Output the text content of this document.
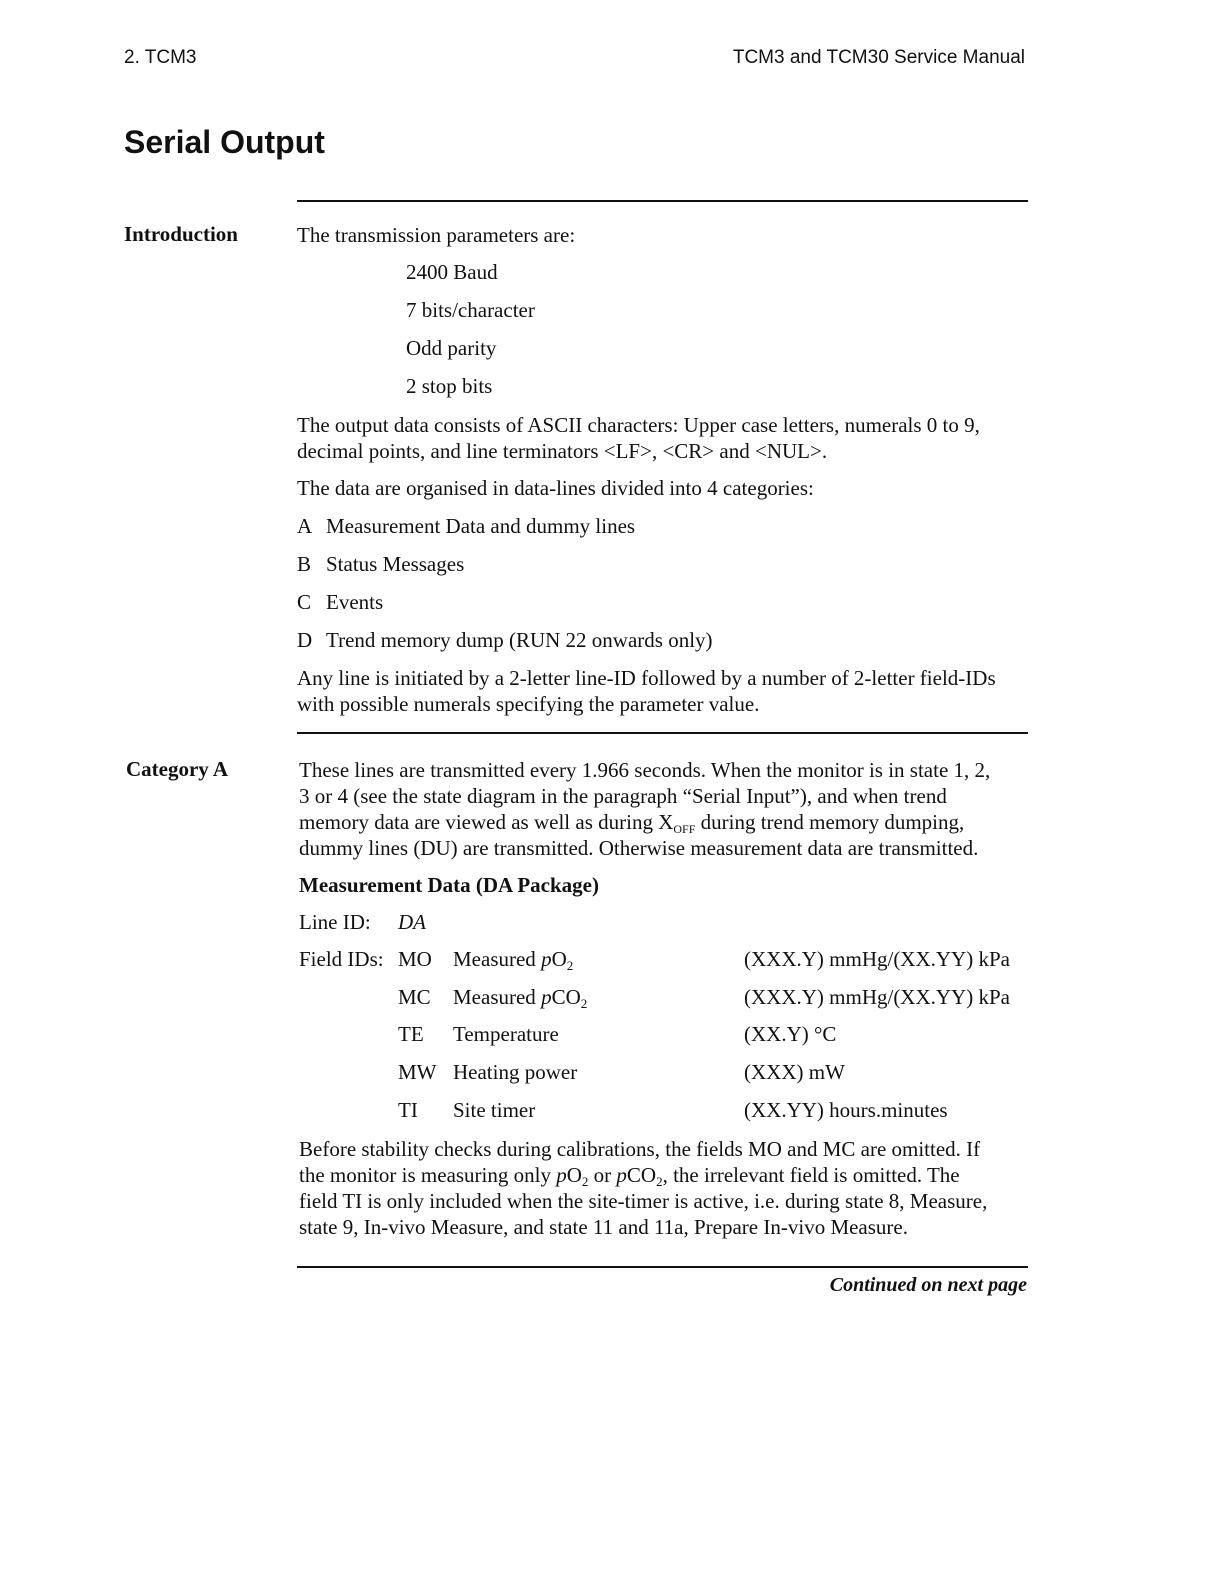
2. TCM3	TCM3 and TCM30 Service Manual
Serial Output
Introduction	The transmission parameters are:
2400 Baud
7 bits/character
Odd parity
2 stop bits
The output data consists of ASCII characters: Upper case letters, numerals 0 to 9,
decimal points, and line terminators <LF>, <CR> and <NUL>.
The data are organised in data-lines divided into 4 categories:
A Measurement Data and dummy lines
B Status Messages
C Events
D Trend memory dump (RUN 22 onwards only)
Any line is initiated by a 2-letter line-ID followed by a number of 2-letter field-IDs
with possible numerals specifying the parameter value.
Category A	These lines are transmitted every 1.966 seconds. When the monitor is in state 1, 2,
3 or 4 (see the state diagram in the paragraph “Serial Input”), and when trend
memory data are viewed as well as during XOFF during trend memory dumping,
dummy lines (DU) are transmitted. Otherwise measurement data are transmitted.
Measurement Data (DA Package)
Line ID: DA
Field IDs: MO Measured $pO_2$	(XXX.Y) mmHg/(XX.YY) kPa
MC Measured pCO$_2$	(XXX.Y) mmHg/(XX.YY) kPa
TE Temperature	(XX.Y) °C
MW Heating power	(XXX) mW
TI Site timer	(XX.YY) hours.minutes
Before stability checks during calibrations, the fields MO and MC are omitted. If
the monitor is measuring only $pO_2$ or pCO$_2$, the irrelevant field is omitted. The
field TI is only included when the site-timer is active, i.e. during state 8, Measure,
state 9, In-vivo Measure, and state 11 and 11a, Prepare In-vivo Measure.
Continued on next page
